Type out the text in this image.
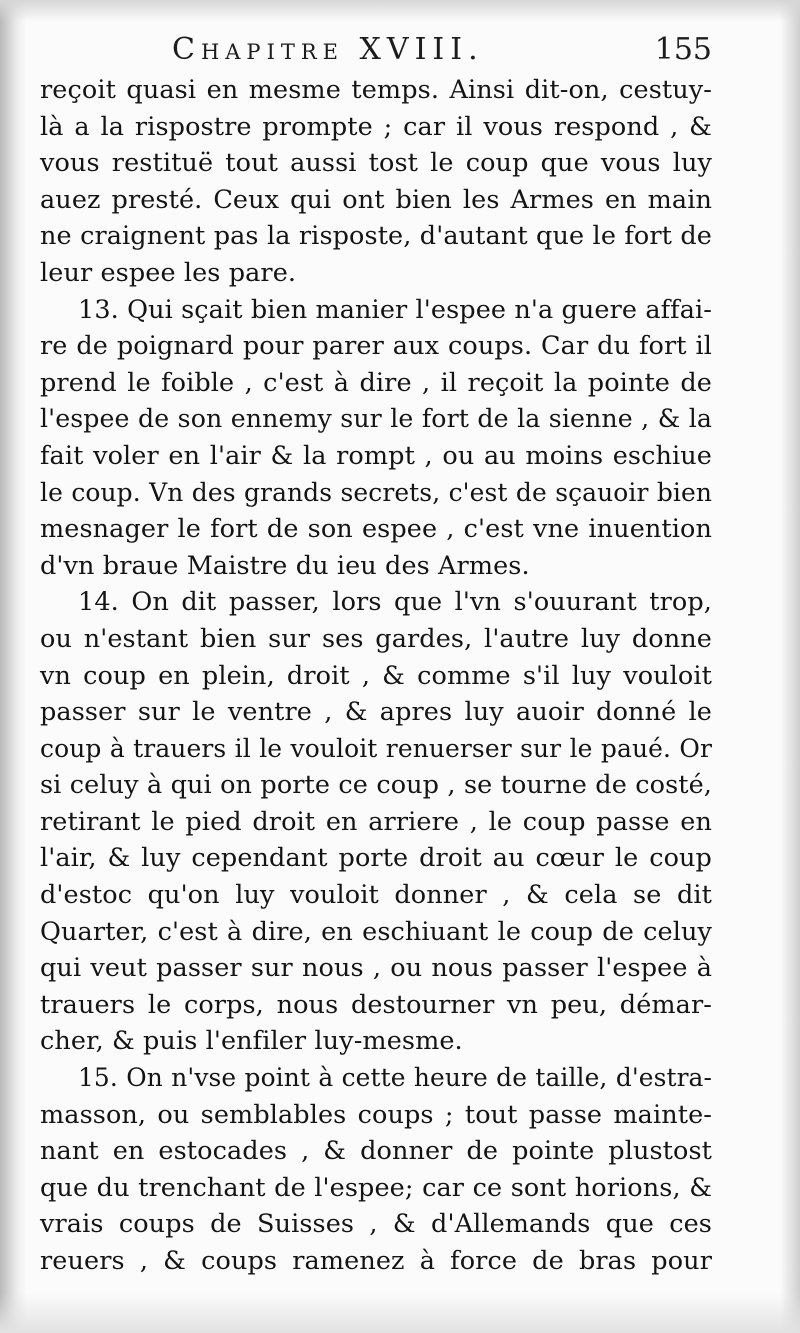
Chapitre XVIII.	155
reçoit quasi en mesme temps. Ainsi dit-on, cestuy-
là a la rispostre prompte ; car il vous respond , &
vous restituë tout aussi tost le coup que vous luy
auez presté. Ceux qui ont bien les Armes en main
ne craignent pas la risposte, d'autant que le fort de
leur espee les pare.
13. Qui sçait bien manier l'espee n'a guere affai-
re de poignard pour parer aux coups. Car du fort il
prend le foible , c'est à dire , il reçoit la pointe de
l'espee de son ennemy sur le fort de la sienne , & la
fait voler en l'air & la rompt , ou au moins eschiue
le coup. Vn des grands secrets, c'est de sçauoir bien
mesnager le fort de son espee , c'est vne inuention
d'vn braue Maistre du ieu des Armes.
14. On dit passer, lors que l'vn s'ouurant trop,
ou n'estant bien sur ses gardes, l'autre luy donne
vn coup en plein, droit , & comme s'il luy vouloit
passer sur le ventre , & apres luy auoir donné le
coup à trauers il le vouloit renuerser sur le paué. Or
si celuy à qui on porte ce coup , se tourne de costé,
retirant le pied droit en arriere , le coup passe en
l'air, & luy cependant porte droit au cœur le coup
d'estoc qu'on luy vouloit donner , & cela se dit
Quarter, c'est à dire, en eschiuant le coup de celuy
qui veut passer sur nous , ou nous passer l'espee à
trauers le corps, nous destourner vn peu, démar-
cher, & puis l'enfiler luy-mesme.
15. On n'vse point à cette heure de taille, d'estra-
masson, ou semblables coups ; tout passe mainte-
nant en estocades , & donner de pointe plustost
que du trenchant de l'espee; car ce sont horions, &
vrais coups de Suisses , & d'Allemands que ces
reuers , & coups ramenez à force de bras pour
